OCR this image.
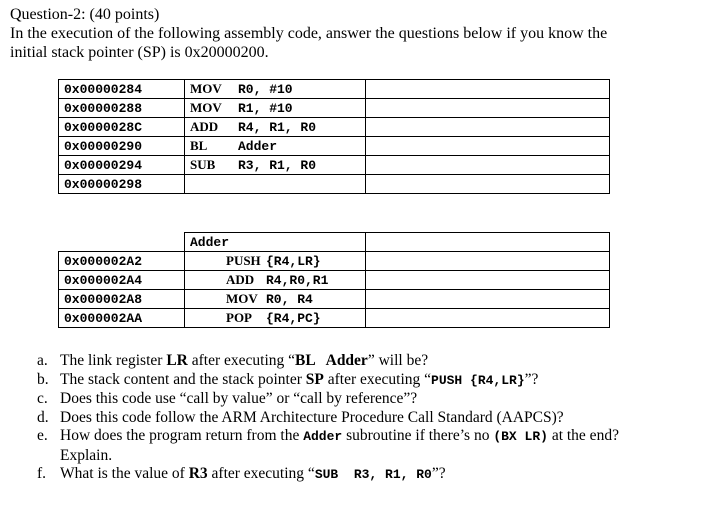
Question-2: (40 points)
In the execution of the following assembly code, answer the questions below if you know the
initial stack pointer (SP) is 0x20000200.
0x00000284	MOV R0, #10	
0x00000288	MOV R1, #10	
0x0000028C	ADD R4, R1, R0	
0x00000290	BL Adder	
0x00000294	SUB R3, R1, R0	
0x00000298		
	Adder	
0x000002A2	PUSH {R4,LR}	
0x000002A4	ADD R4,R0,R1	
0x000002A8	MOV R0, R4	
0x000002AA	POP {R4,PC}	
a. The link register LR after executing “BL   Adder” will be?
b. The stack content and the stack pointer SP after executing “PUSH {R4,LR}”?
c. Does this code use “call by value” or “call by reference”?
d. Does this code follow the ARM Architecture Procedure Call Standard (AAPCS)?
e. How does the program return from the Adder subroutine if there’s no (BX LR) at the end? Explain.
f. What is the value of R3 after executing “SUB  R3, R1, R0”?
